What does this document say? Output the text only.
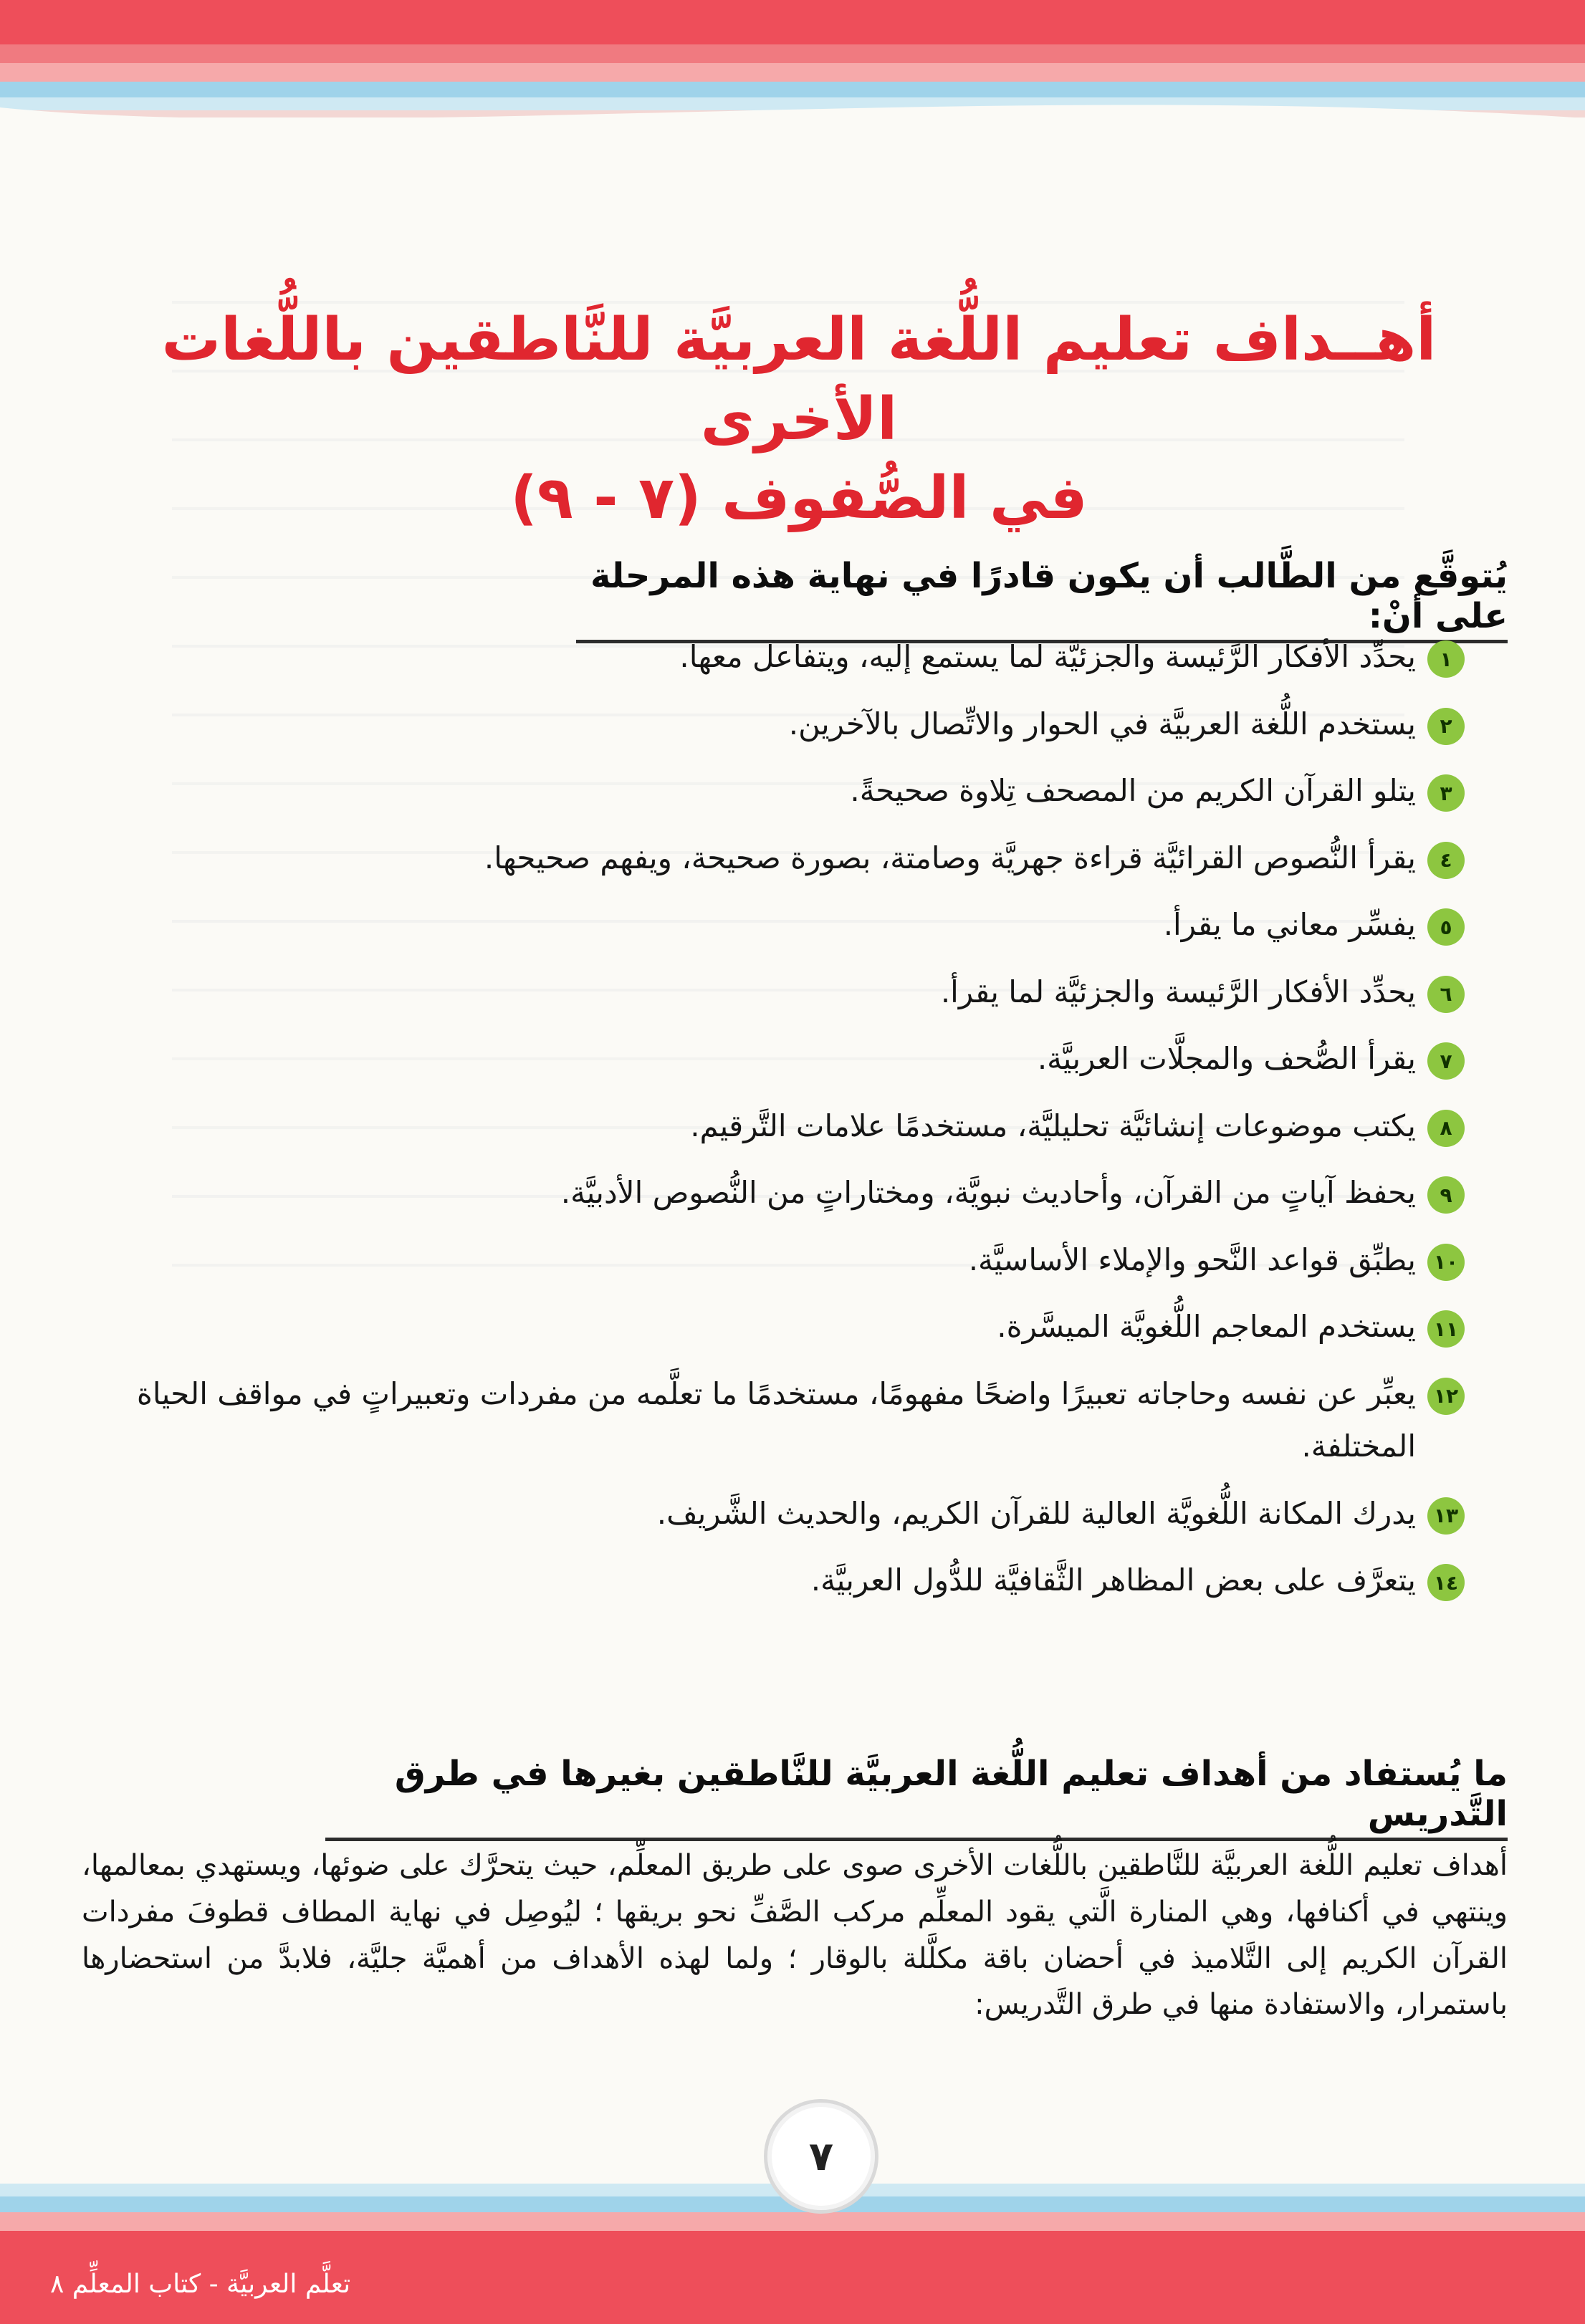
أهــداف تعليم اللُّغة العربيَّة للنَّاطقين باللُّغات الأخرى
في الصُّفوف (٧ - ٩)
يُتوقَّع من الطَّالب أن يكون قادرًا في نهاية هذه المرحلة على أنْ:
١
يحدِّد الأفكار الرَّئيسة والجزئيَّة لما يستمع إليه، ويتفاعل معها.
٢
يستخدم اللُّغة العربيَّة في الحوار والاتِّصال بالآخرين.
٣
يتلو القرآن الكريم من المصحف تِلاوة صحيحةً.
٤
يقرأ النُّصوص القرائيَّة قراءة جهريَّة وصامتة، بصورة صحيحة، ويفهم صحيحها.
٥
يفسِّر معاني ما يقرأ.
٦
يحدِّد الأفكار الرَّئيسة والجزئيَّة لما يقرأ.
٧
يقرأ الصُّحف والمجلَّات العربيَّة.
٨
يكتب موضوعات إنشائيَّة تحليليَّة، مستخدمًا علامات التَّرقيم.
٩
يحفظ آياتٍ من القرآن، وأحاديث نبويَّة، ومختاراتٍ من النُّصوص الأدبيَّة.
١٠
يطبِّق قواعد النَّحو والإملاء الأساسيَّة.
١١
يستخدم المعاجم اللُّغويَّة الميسَّرة.
١٢
يعبِّر عن نفسه وحاجاته تعبيرًا واضحًا مفهومًا، مستخدمًا ما تعلَّمه من مفردات وتعبيراتٍ في مواقف الحياة المختلفة.
١٣
يدرك المكانة اللُّغويَّة العالية للقرآن الكريم، والحديث الشَّريف.
١٤
يتعرَّف على بعض المظاهر الثَّقافيَّة للدُّول العربيَّة.
ما يُستفاد من أهداف تعليم اللُّغة العربيَّة للنَّاطقين بغيرها في طرق التَّدريس

أهداف تعليم اللُّغة العربيَّة للنَّاطقين باللُّغات الأخرى صوى على طريق المعلِّم، حيث يتحرَّك على ضوئها، ويستهدي بمعالمها، وينتهي في أكنافها، وهي المنارة الَّتي يقود المعلِّم مركب الصَّفِّ نحو بريقها ؛ ليُوصِل في نهاية المطاف قطوفَ مفردات القرآن الكريم إلى التَّلاميذ في أحضان باقة مكلَّلة بالوقار ؛ ولما لهذه الأهداف من أهميَّة جليَّة، فلابدَّ من استحضارها باستمرار، والاستفادة منها في طرق التَّدريس:

٧
تعلَّم العربيَّة - كتاب المعلِّم ٨
